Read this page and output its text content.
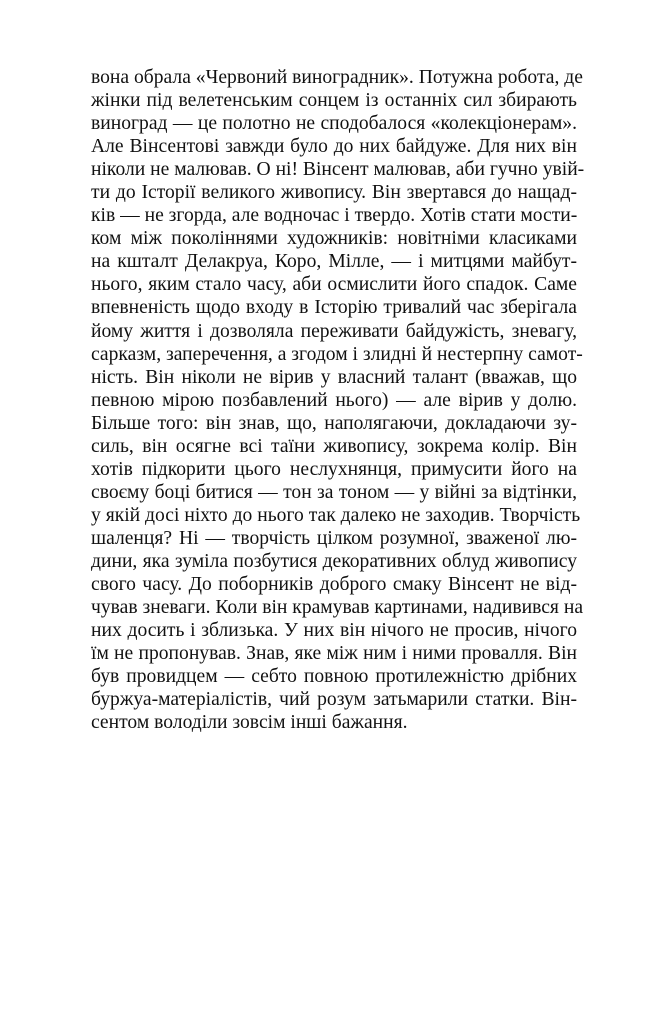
вона обрала «Червоний виноградник». Потужна робота, де
жінки під велетенським сонцем із останніх сил збирають
виноград — це полотно не сподобалося «колекціонерам».
Але Вінсентові завжди було до них байдуже. Для них він
ніколи не малював. О ні! Вінсент малював, аби гучно увій-
ти до Історії великого живопису. Він звертався до нащад-
ків — не згорда, але водночас і твердо. Хотів стати мости-
ком між поколіннями художників: новітніми класиками
на кшталт Делакруа, Коро, Мілле, — і митцями майбут-
нього, яким стало часу, аби осмислити його спадок. Саме
впевненість щодо входу в Історію тривалий час зберігала
йому життя і дозволяла переживати байдужість, зневагу,
сарказм, заперечення, а згодом і злидні й нестерпну самот-
ність. Він ніколи не вірив у власний талант (вважав, що
певною мірою позбавлений нього) — але вірив у долю.
Більше того: він знав, що, наполягаючи, докладаючи зу-
силь, він осягне всі таїни живопису, зокрема колір. Він
хотів підкорити цього неслухнянця, примусити його на
своєму боці битися — тон за тоном — у війні за відтінки,
у якій досі ніхто до нього так далеко не заходив. Творчість
шаленця? Ні — творчість цілком розумної, зваженої лю-
дини, яка зуміла позбутися декоративних облуд живопису
свого часу. До поборників доброго смаку Вінсент не від-
чував зневаги. Коли він крамував картинами, надивився на
них досить і зблизька. У них він нічого не просив, нічого
їм не пропонував. Знав, яке між ним і ними провалля. Він
був провидцем — себто повною протилежністю дрібних
буржуа-матеріалістів, чий розум затьмарили статки. Він-
сентом володіли зовсім інші бажання.
